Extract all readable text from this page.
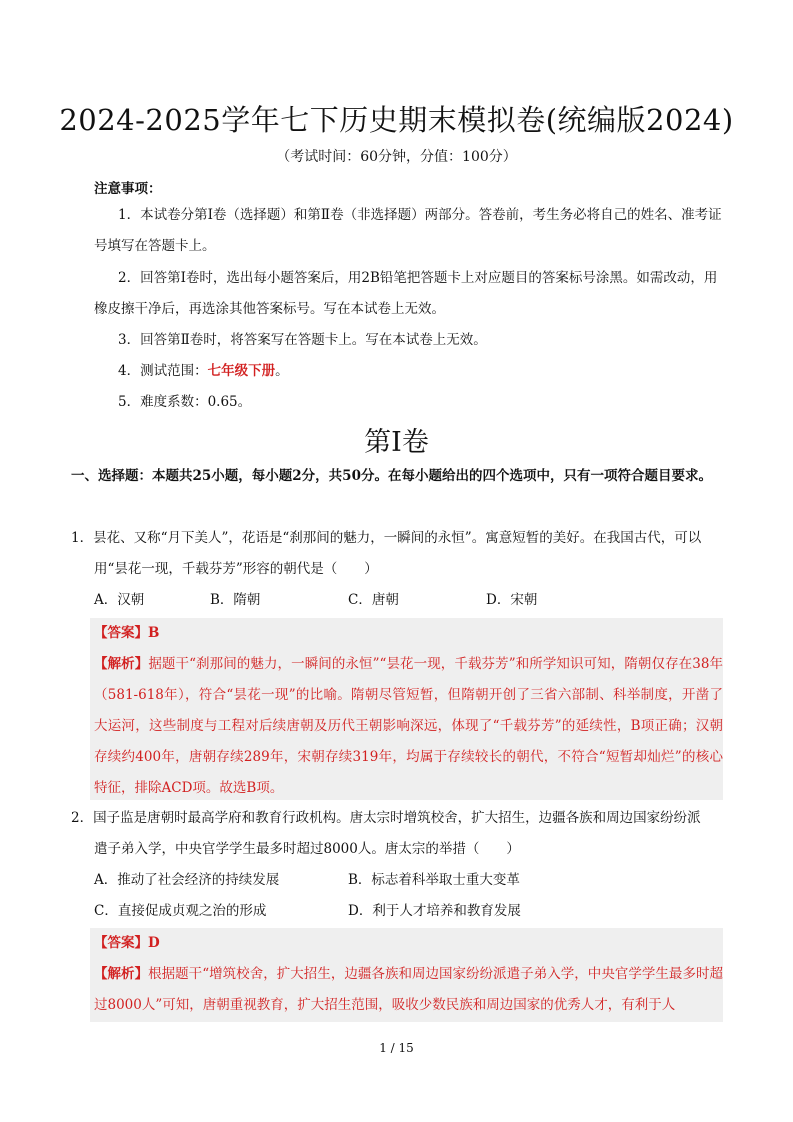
2024-2025学年七下历史期末模拟卷(统编版2024)
（考试时间：60分钟，分值：100分）
注意事项：
1．本试卷分第Ⅰ卷（选择题）和第Ⅱ卷（非选择题）两部分。答卷前，考生务必将自己的姓名、准考证号填写在答题卡上。
2．回答第Ⅰ卷时，选出每小题答案后，用2B铅笔把答题卡上对应题目的答案标号涂黑。如需改动，用橡皮擦干净后，再选涂其他答案标号。写在本试卷上无效。
3．回答第Ⅱ卷时，将答案写在答题卡上。写在本试卷上无效。
4．测试范围：七年级下册。
5．难度系数：0.65。
第Ⅰ卷
一、选择题：本题共25小题，每小题2分，共50分。在每小题给出的四个选项中，只有一项符合题目要求。
1．昙花、又称“月下美人”，花语是“刹那间的魅力，一瞬间的永恒”。寓意短暂的美好。在我国古代，可以
用“昙花一现，千载芬芳”形容的朝代是（　　）
A．汉朝	B．隋朝	C．唐朝	D．宋朝
【答案】B
【解析】据题干“刹那间的魅力，一瞬间的永恒”“昙花一现，千载芬芳”和所学知识可知，隋朝仅存在38年（581-618年），符合“昙花一现”的比喻。隋朝尽管短暂，但隋朝开创了三省六部制、科举制度，开凿了大运河，这些制度与工程对后续唐朝及历代王朝影响深远，体现了“千载芬芳”的延续性，B项正确；汉朝存续约400年，唐朝存续289年，宋朝存续319年，均属于存续较长的朝代，不符合“短暂却灿烂”的核心特征，排除ACD项。故选B项。
2．国子监是唐朝时最高学府和教育行政机构。唐太宗时增筑校舍，扩大招生，边疆各族和周边国家纷纷派
遣子弟入学，中央官学学生最多时超过8000人。唐太宗的举措（　　）
A．推动了社会经济的持续发展	B．标志着科举取士重大变革
C．直接促成贞观之治的形成	D．利于人才培养和教育发展
【答案】D
【解析】根据题干“增筑校舍，扩大招生，边疆各族和周边国家纷纷派遣子弟入学，中央官学学生最多时超过8000人”可知，唐朝重视教育，扩大招生范围，吸收少数民族和周边国家的优秀人才，有利于人
1 / 15
